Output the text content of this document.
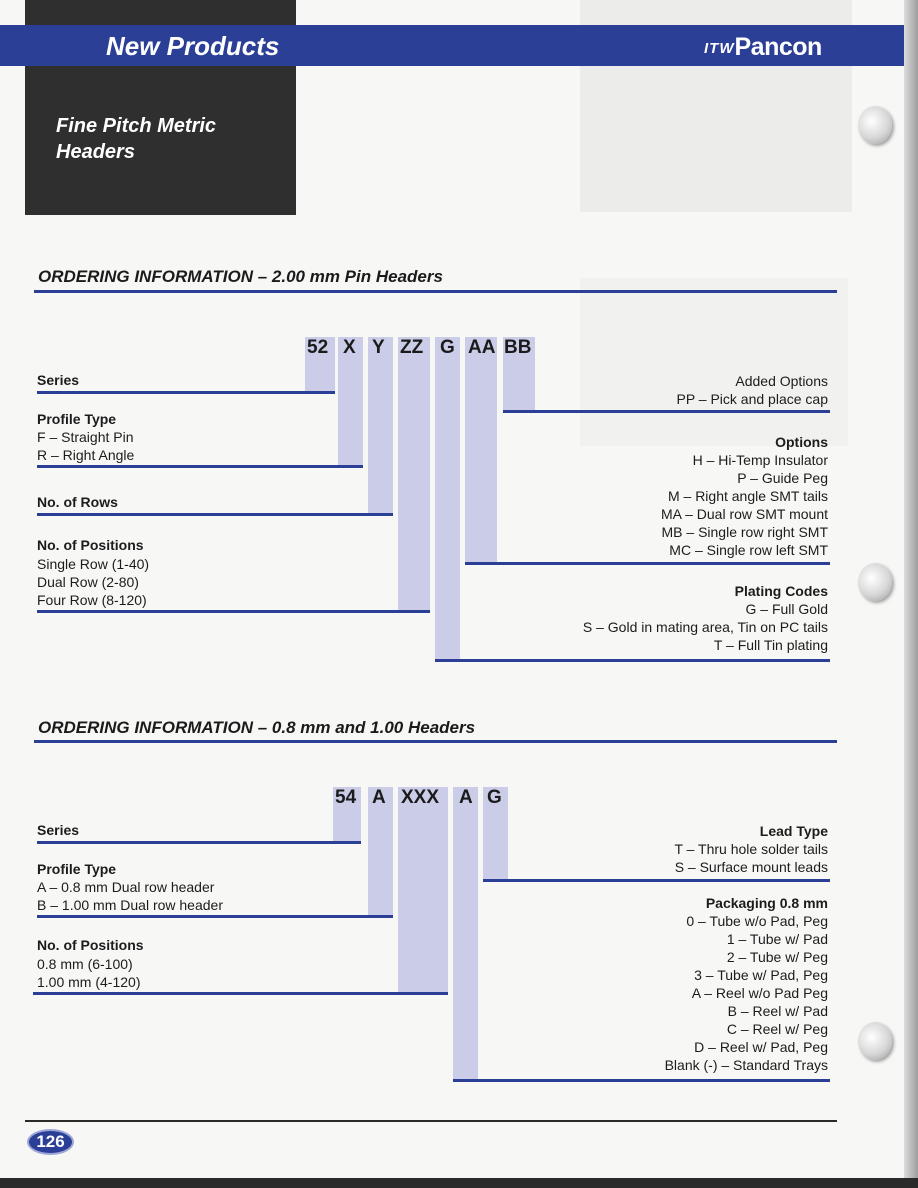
New Products	ITWPancon
Fine Pitch Metric
Headers
ORDERING INFORMATION – 2.00 mm Pin Headers
52 X Y ZZ G AA BB
Series
Profile Type
F – Straight Pin
R – Right Angle
No. of Rows
No. of Positions
Single Row (1-40)
Dual Row (2-80)
Four Row (8-120)
Added Options
PP – Pick and place cap
Options
H – Hi-Temp Insulator
P – Guide Peg
M – Right angle SMT tails
MA – Dual row SMT mount
MB – Single row right SMT
MC – Single row left SMT
Plating Codes
G – Full Gold
S – Gold in mating area, Tin on PC tails
T – Full Tin plating
ORDERING INFORMATION – 0.8 mm and 1.00 Headers
54 A XXX A G
Series
Profile Type
A – 0.8 mm Dual row header
B – 1.00 mm Dual row header
No. of Positions
0.8 mm (6-100)
1.00 mm (4-120)
Lead Type
T – Thru hole solder tails
S – Surface mount leads
Packaging 0.8 mm
0 – Tube w/o Pad, Peg
1 – Tube w/ Pad
2 – Tube w/ Peg
3 – Tube w/ Pad, Peg
A – Reel w/o Pad Peg
B – Reel w/ Pad
C – Reel w/ Peg
D – Reel w/ Pad, Peg
Blank (-) – Standard Trays
126
